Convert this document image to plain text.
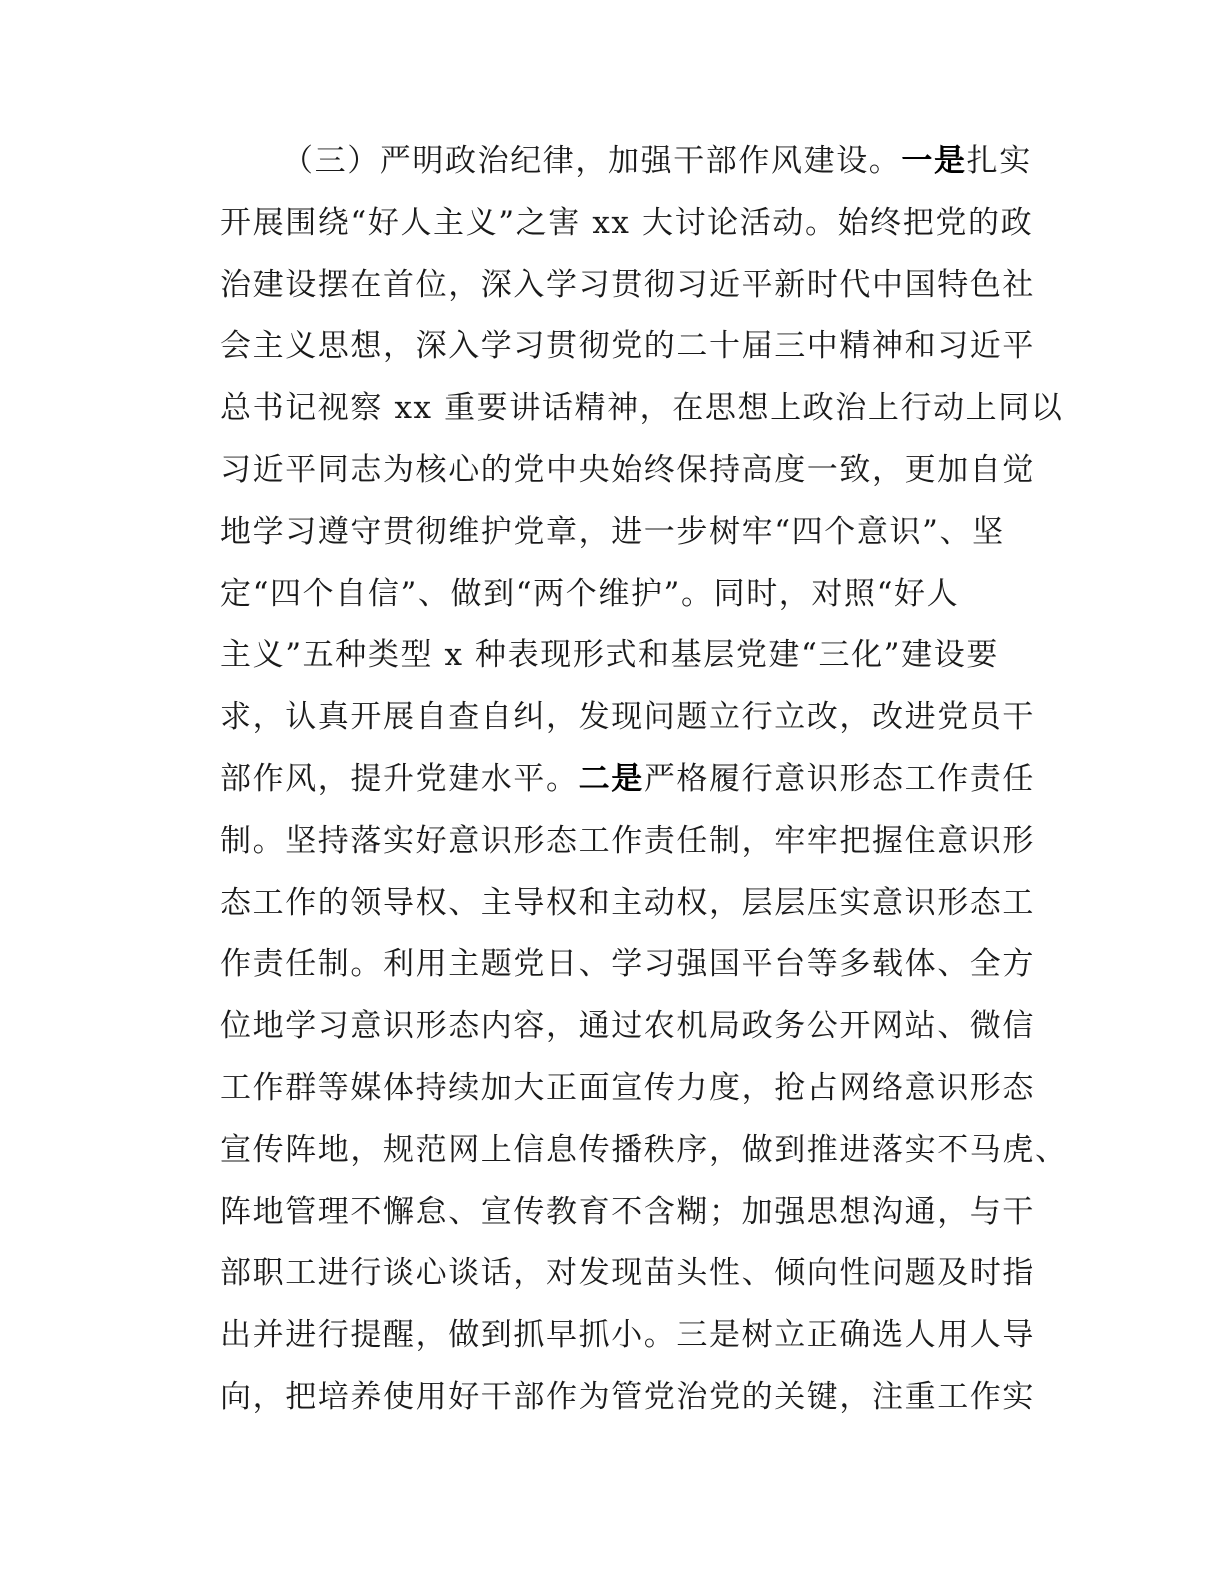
（三）严明政治纪律，加强干部作风建设。一是扎实
开展围绕“好人主义”之害 xx 大讨论活动。始终把党的政
治建设摆在首位，深入学习贯彻习近平新时代中国特色社
会主义思想，深入学习贯彻党的二十届三中精神和习近平
总书记视察 xx 重要讲话精神，在思想上政治上行动上同以
习近平同志为核心的党中央始终保持高度一致，更加自觉
地学习遵守贯彻维护党章，进一步树牢“四个意识”、坚
定“四个自信”、做到“两个维护”。同时，对照“好人
主义”五种类型 x 种表现形式和基层党建“三化”建设要
求，认真开展自查自纠，发现问题立行立改，改进党员干
部作风，提升党建水平。二是严格履行意识形态工作责任
制。坚持落实好意识形态工作责任制，牢牢把握住意识形
态工作的领导权、主导权和主动权，层层压实意识形态工
作责任制。利用主题党日、学习强国平台等多载体、全方
位地学习意识形态内容，通过农机局政务公开网站、微信
工作群等媒体持续加大正面宣传力度，抢占网络意识形态
宣传阵地，规范网上信息传播秩序，做到推进落实不马虎、
阵地管理不懈怠、宣传教育不含糊；加强思想沟通，与干
部职工进行谈心谈话，对发现苗头性、倾向性问题及时指
出并进行提醒，做到抓早抓小。三是树立正确选人用人导
向，把培养使用好干部作为管党治党的关键，注重工作实
